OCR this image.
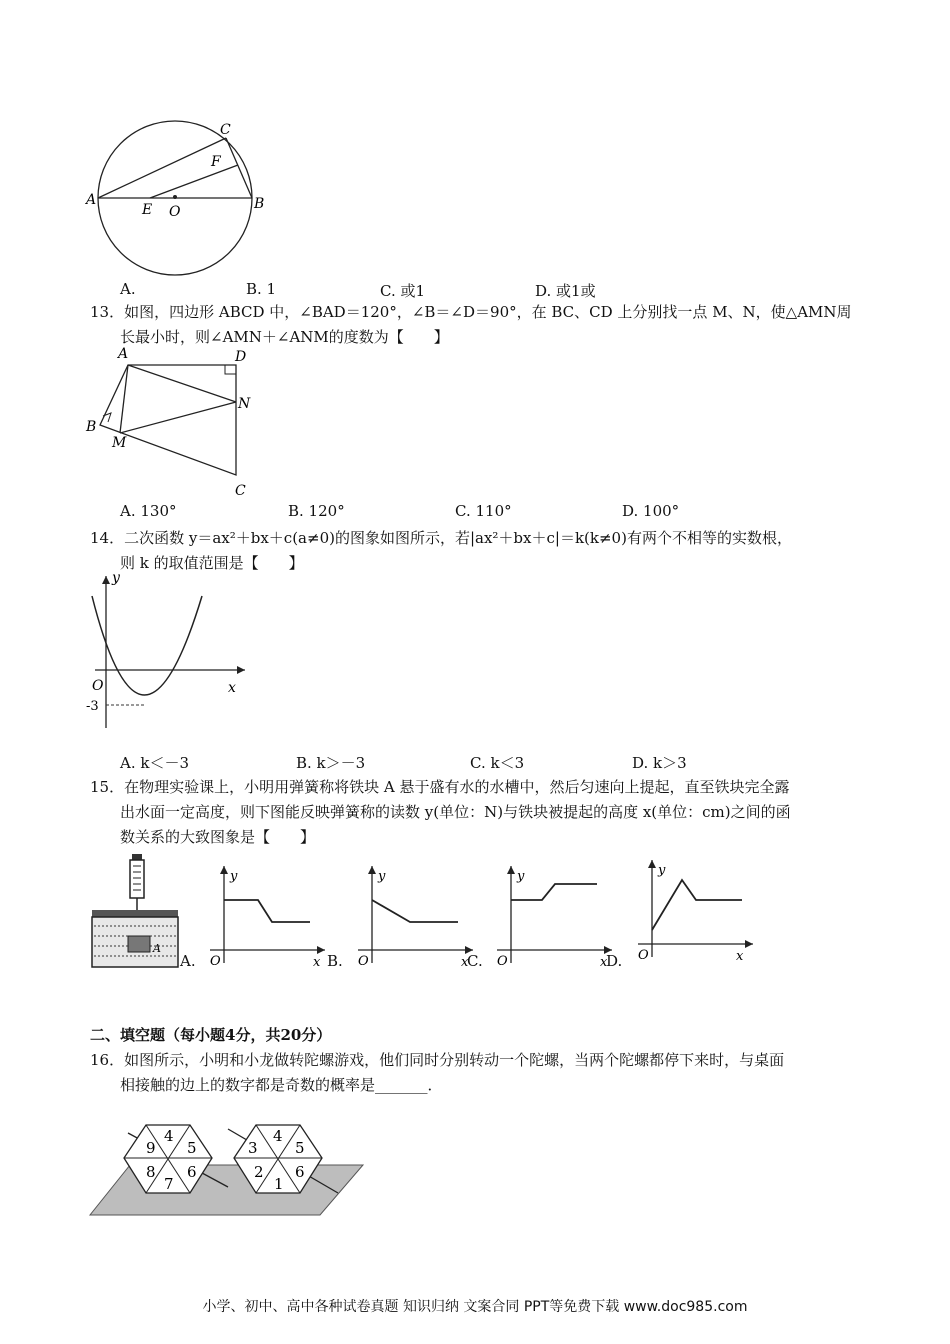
A	B
C
E O
F
A.	B. 1	C. 或1	D. 或1或
13．如图，四边形 ABCD 中，∠BAD＝120°，∠B＝∠D＝90°，在 BC、CD 上分别找一点 M、N，使△AMN周
长最小时，则∠AMN＋∠ANM的度数为【　　】
A	D
N
B
M
C
A. 130°	B. 120°	C. 110°	D. 100°
14．二次函数 y＝ax²＋bx＋c(a≠0)的图象如图所示，若|ax²＋bx＋c|＝k(k≠0)有两个不相等的实数根，
则 k 的取值范围是【　　】
y
O	x
-3
A. k＜－3	B. k＞－3	C. k＜3	D. k＞3
15．在物理实验课上，小明用弹簧称将铁块 A 悬于盛有水的水槽中，然后匀速向上提起，直至铁块完全露
出水面一定高度，则下图能反映弹簧称的读数 y(单位：N)与铁块被提起的高度 x(单位：cm)之间的函
数关系的大致图象是【　　】
A
A.
y
O	x B.
y
O	x
C.
y
O	x
D.
y
O	x
二、填空题（每小题4分，共20分）
16．如图所示，小明和小龙做转陀螺游戏，他们同时分别转动一个陀螺，当两个陀螺都停下来时，与桌面
相接触的边上的数字都是奇数的概率是_______．
9
4
5
8
7
6
3
4
5
2
1
6
小学、初中、高中各种试卷真题 知识归纳 文案合同 PPT等免费下载 www.doc985.com
